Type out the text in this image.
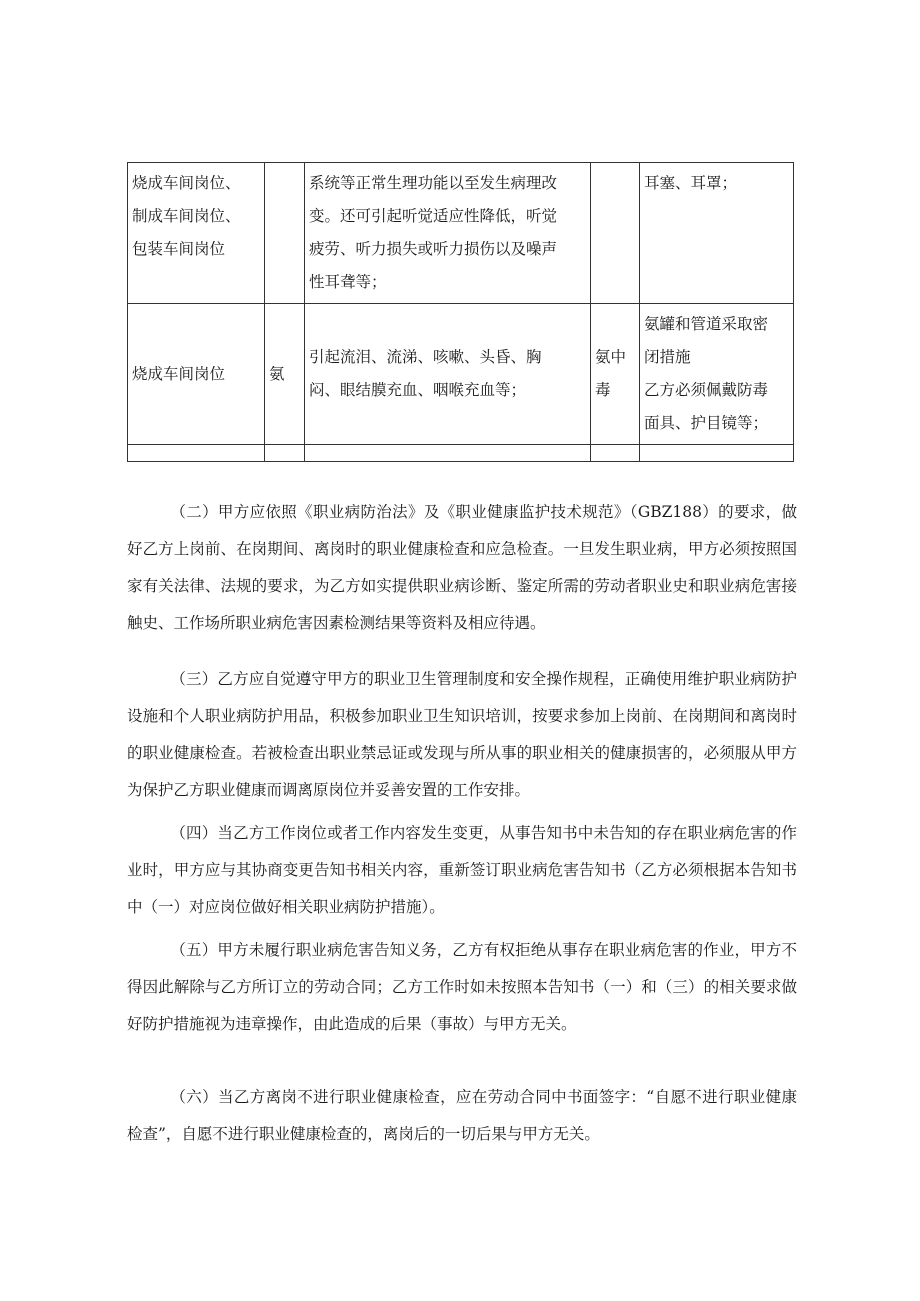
烧成车间岗位、
制成车间岗位、
包装车间岗位		系统等正常生理功能以至发生病理改
变。还可引起听觉适应性降低，听觉
疲劳、听力损失或听力损伤以及噪声
性耳聋等；		耳塞、耳罩；

烧成车间岗位	氨	引起流泪、流涕、咳嗽、头昏、胸
闷、眼结膜充血、咽喉充血等；	氨中
毒	氨罐和管道采取密
闭措施
乙方必须佩戴防毒
面具、护目镜等；

（二）甲方应依照《职业病防治法》及《职业健康监护技术规范》（GBZ188）的要求，做好乙方上岗前、在岗期间、离岗时的职业健康检查和应急检查。一旦发生职业病，甲方必须按照国家有关法律、法规的要求，为乙方如实提供职业病诊断、鉴定所需的劳动者职业史和职业病危害接触史、工作场所职业病危害因素检测结果等资料及相应待遇。

（三）乙方应自觉遵守甲方的职业卫生管理制度和安全操作规程，正确使用维护职业病防护设施和个人职业病防护用品，积极参加职业卫生知识培训，按要求参加上岗前、在岗期间和离岗时的职业健康检查。若被检查出职业禁忌证或发现与所从事的职业相关的健康损害的，必须服从甲方为保护乙方职业健康而调离原岗位并妥善安置的工作安排。

（四）当乙方工作岗位或者工作内容发生变更，从事告知书中未告知的存在职业病危害的作业时，甲方应与其协商变更告知书相关内容，重新签订职业病危害告知书（乙方必须根据本告知书中（一）对应岗位做好相关职业病防护措施）。

（五）甲方未履行职业病危害告知义务，乙方有权拒绝从事存在职业病危害的作业，甲方不得因此解除与乙方所订立的劳动合同；乙方工作时如未按照本告知书（一）和（三）的相关要求做好防护措施视为违章操作，由此造成的后果（事故）与甲方无关。

（六）当乙方离岗不进行职业健康检查，应在劳动合同中书面签字：“自愿不进行职业健康检查”，自愿不进行职业健康检查的，离岗后的一切后果与甲方无关。
